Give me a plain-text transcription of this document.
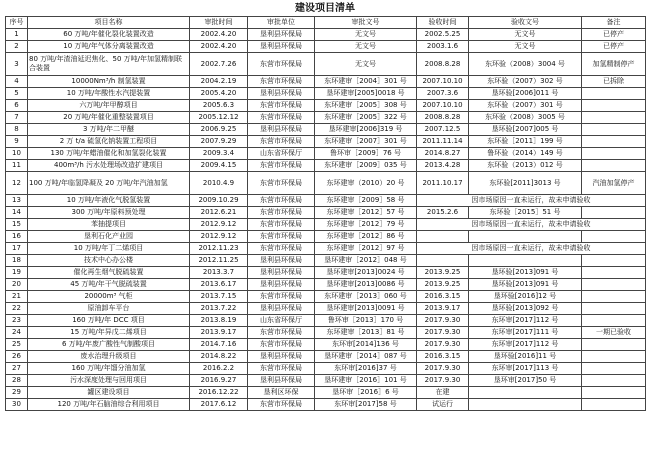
建设项目清单
序号	项目名称	审批时间	审批单位	审批文号	验收时间	验收文号	备注
1	60 万吨/年催化裂化装置改造	2002.4.20	垦利县环保局	无文号	2002.5.25	无文号	已停产
2	10 万吨/年气体分离装置改造	2002.4.20	垦利县环保局	无文号	2003.1.6	无文号	已停产
3	80 万吨/年渣油延迟焦化、50 万吨/年加氢精制联合装置	2002.7.26	东营市环保局	无文号	2008.8.28	东环验（2008）3004 号	加氢精制停产
4	10000Nm³/h 制氢装置	2004.2.19	东营市环保局	东环建审［2004］301 号	2007.10.10	东环验（2007）302 号	已拆除
5	10 万吨/年酸性水汽提装置	2005.4.20	垦利县环保局	垦环建审[2005]0018 号	2007.3.6	垦环验[2006]011 号	
6	六万吨/年甲醇项目	2005.6.3	东营市环保局	东环建审［2005］308 号	2007.10.10	东环验（2007）301 号	
7	20 万吨/年催化重整装置项目	2005.12.12	东营市环保局	东环建审［2005］322 号	2008.8.28	东环验（2008）3005 号	
8	3 万吨/年二甲醚	2006.9.25	垦利县环保局	垦环建审[2006]319 号	2007.12.5	垦环验[2007]005 号	
9	2 万 t/a 硫氢化钠装置工程项目	2007.9.29	东营市环保局	东环建审［2007］301 号	2011.11.14	东环验［2011］199 号	
10	130 万吨/年蜡油催化和加氢裂化装置	2009.3.4	山东省环保厅	鲁环审［2009］76 号	2014.8.27	鲁环验（2014）149 号	
11	400m³/h 污水处理场改造扩建项目	2009.4.15	东营市环保局	东环建审［2009］035 号	2013.4.28	东环验（2013）012 号	
12	100 万吨/年临氢降凝及 20 万吨/年汽油加氢	2010.4.9	东营市环保局	东环建审（2010）20 号	2011.10.17	东环验[2011]3013 号	汽油加氢停产
13	10 万吨/年液化气脱氢装置	2009.10.29	东营市环保局	东环建审［2009］58 号	因市场原因一直未运行，故未申请验收		
14	300 万吨/年原料预处理	2012.6.21	东营市环保局	东环建审［2012］57 号	2015.2.6	东环验［2015］51 号	
15	苯抽提项目	2012.9.12	东营市环保局	东环建审［2012］79 号	因市场原因一直未运行，故未申请验收		
16	垦利石化产业园	2012.9.12	东营市环保局	东环建审［2012］86 号			
17	10 万吨/年丁二烯项目	2012.11.23	东营市环保局	东环建审［2012］97 号	因市场原因一直未运行，故未申请验收		
18	技术中心办公楼	2012.11.25	垦利县环保局	垦环建审［2012］048 号			
19	催化再生烟气脱硫装置	2013.3.7	垦利县环保局	垦环建审[2013]0024 号	2013.9.25	垦环验[2013]091 号	
20	45 万吨/年干气脱硫装置	2013.6.17	垦利县环保局	垦环建审[2013]0086 号	2013.9.25	垦环验[2013]091 号	
21	20000m³ 气柜	2013.7.15	东营市环保局	东环建审［2013］060 号	2016.3.15	垦环验[2016]12 号	
22	原油卸车平台	2013.7.22	垦利县环保局	垦环建审[2013]0091 号	2013.9.17	垦环验[2013]092 号	
23	160 万吨/年 DCC 项目	2013.8.19	山东省环保厅	鲁环审［2013］170 号	2017.9.30	东环审[2017]112 号	
24	15 万吨/年异戊二烯项目	2013.9.17	东营市环保局	东环建审［2013］81 号	2017.9.30	东环审[2017]111 号	一期已验收
25	6 万吨/年废广酸性气制酸项目	2014.7.16	东营市环保局	东环审[2014]136 号	2017.9.30	东环审[2017]112 号	
26	废水治理升级项目	2014.8.22	垦利县环保局	垦环建审［2014］087 号	2016.3.15	垦环验[2016]11 号	
27	160 万吨/年馏分油加氢	2016.2.2	东营市环保局	东环审[2016]37 号	2017.9.30	东环审[2017]113 号	
28	污水深度处理与回用项目	2016.9.27	垦利县环保局	垦环建审［2016］101 号	2017.9.30	垦环审[2017]50 号	
29	罐区建设项目	2016.12.22	垦利区环保	垦环审［2016］6 号	在建		
30	120 万吨/年石脑油综合利用项目	2017.6.12	东营市环保局	东环审[2017]58 号	试运行		
